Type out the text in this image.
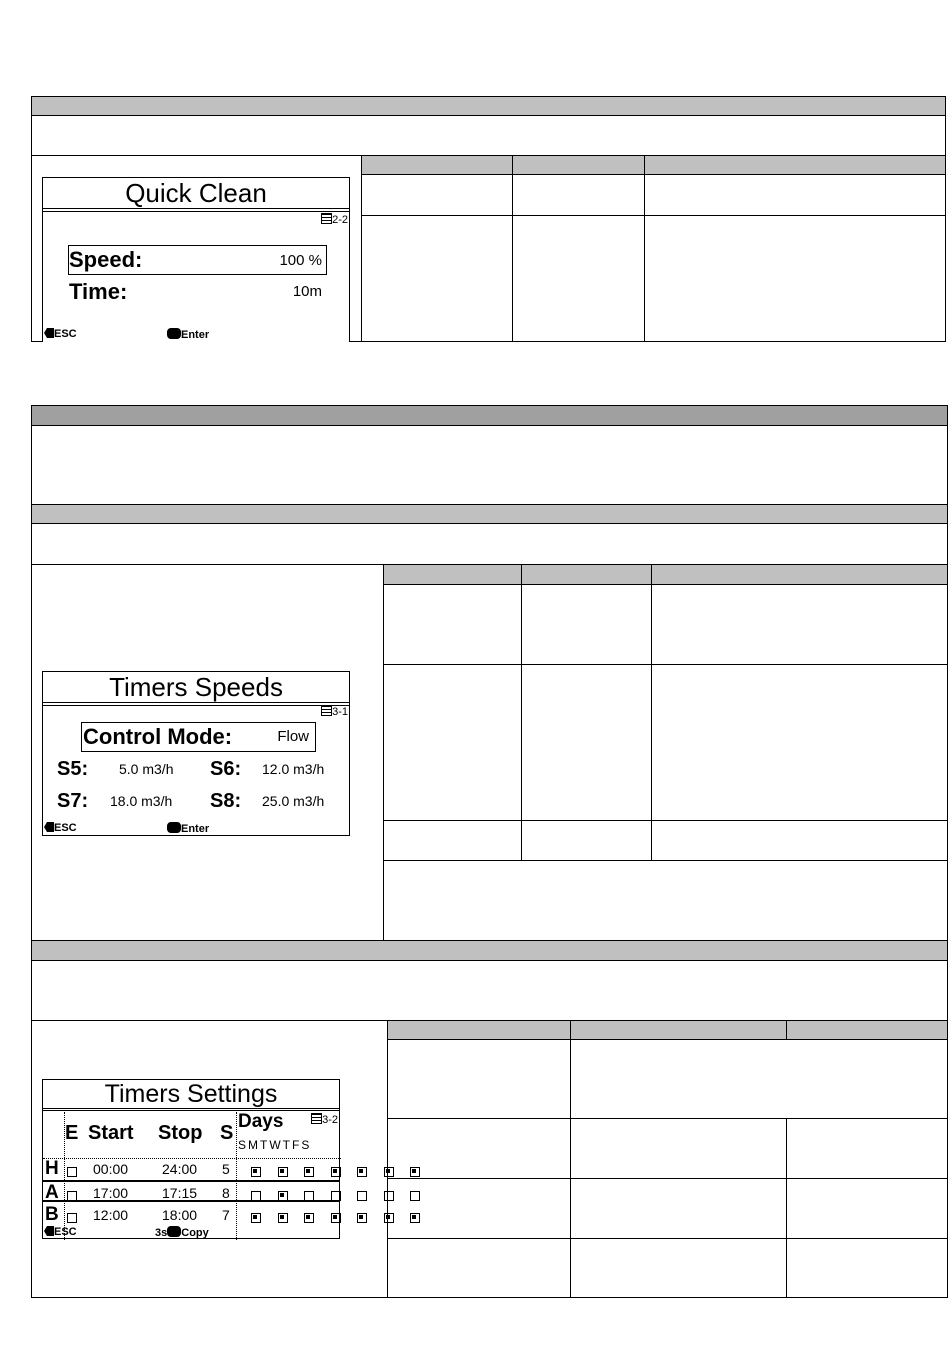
Quick Clean
2-2
Speed:	100 %
Time:	10m
ESC	Enter
Timers Speeds
3-1
Control Mode:	Flow
S5: 5.0 m3/h S6: 12.0 m3/h
S7: 18.0 m3/h S8: 25.0 m3/h
ESC	Enter
Timers Settings
E Start Stop S
Days	3-2
SMTWTFS
H 00:00 24:00 5
A 17:00 17:15 8
B 12:00 18:00 7
ESC	3s Copy
